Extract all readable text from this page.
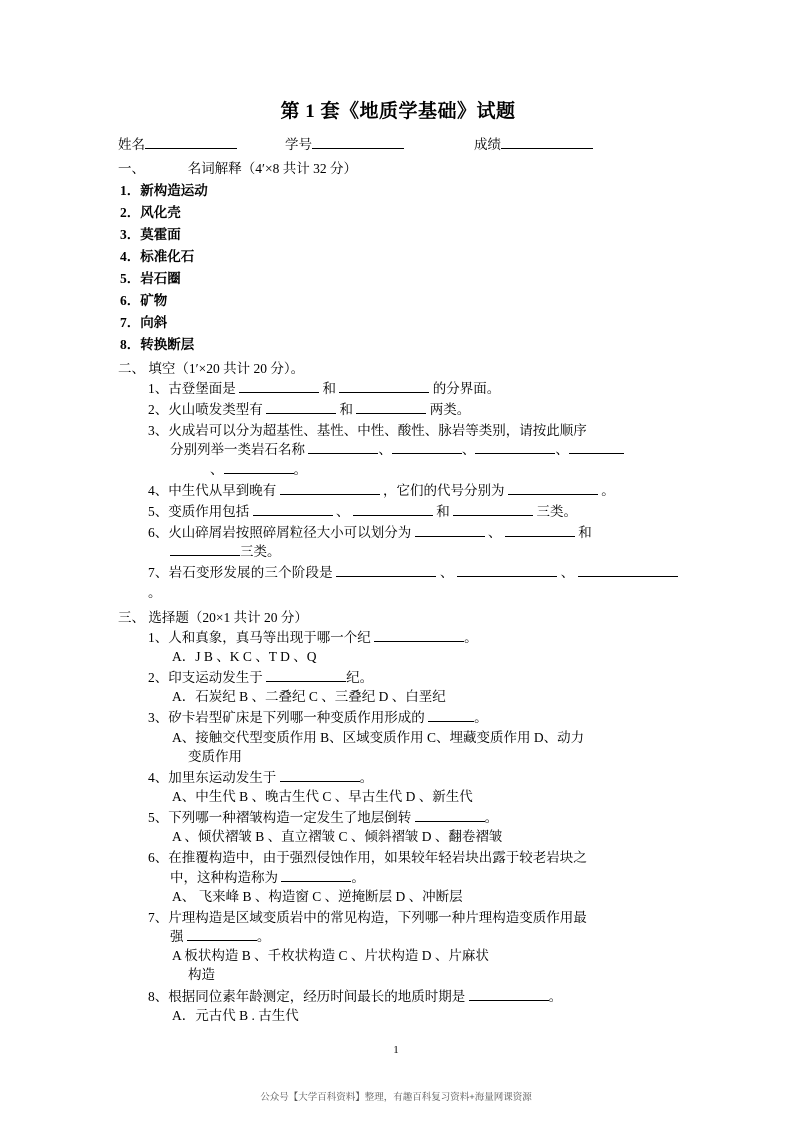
第 1 套《地质学基础》试题
姓名	学号	成绩
一、	名词解释（4′×8 共计 32 分）
1．新构造运动
2．风化壳
3．莫霍面
4．标准化石
5．岩石圈
6．矿物
7．向斜
8．转换断层
二、 填空（1′×20 共计 20 分）。
1、古登堡面是	和	的分界面。
2、火山喷发类型有	和	两类。
3、火成岩可以分为超基性、基性、中性、酸性、脉岩等类别，请按此顺序
分别列举一类岩石名称	、	、	、
、	。
4、中生代从早到晚有	，它们的代号分别为	。
5、变质作用包括	、	和	三类。
6、火山碎屑岩按照碎屑粒径大小可以划分为	、	和
三类。
7、岩石变形发展的三个阶段是	、	、  。
三、 选择题（20×1 共计 20 分）
1、人和真象，真马等出现于哪一个纪	。
A．J B 、K C 、T D 、Q
2、印支运动发生于	纪。
A．石炭纪 B 、二叠纪 C 、三叠纪 D 、白垩纪
3、矽卡岩型矿床是下列哪一种变质作用形成的	。
A、接触交代型变质作用 B、区域变质作用 C、埋藏变质作用 D、动力
变质作用
4、加里东运动发生于	。
A、中生代 B 、晚古生代 C 、早古生代 D 、新生代
5、下列哪一种褶皱构造一定发生了地层倒转	。
A 、倾伏褶皱 B 、直立褶皱 C 、倾斜褶皱 D 、翻卷褶皱
6、在推覆构造中，由于强烈侵蚀作用，如果较年轻岩块出露于较老岩块之
中，这种构造称为	。
A、 飞来峰 B 、构造窗 C 、逆掩断层 D 、冲断层
7、片理构造是区域变质岩中的常见构造，下列哪一种片理构造变质作用最
强	。
A 板状构造 B 、千枚状构造 C 、片状构造 D 、片麻状
构造
8、根据同位素年龄测定，经历时间最长的地质时期是	。
A．元古代 B . 古生代
1
公众号【大学百科资料】整理，有趣百科复习资料+海量网课资源
